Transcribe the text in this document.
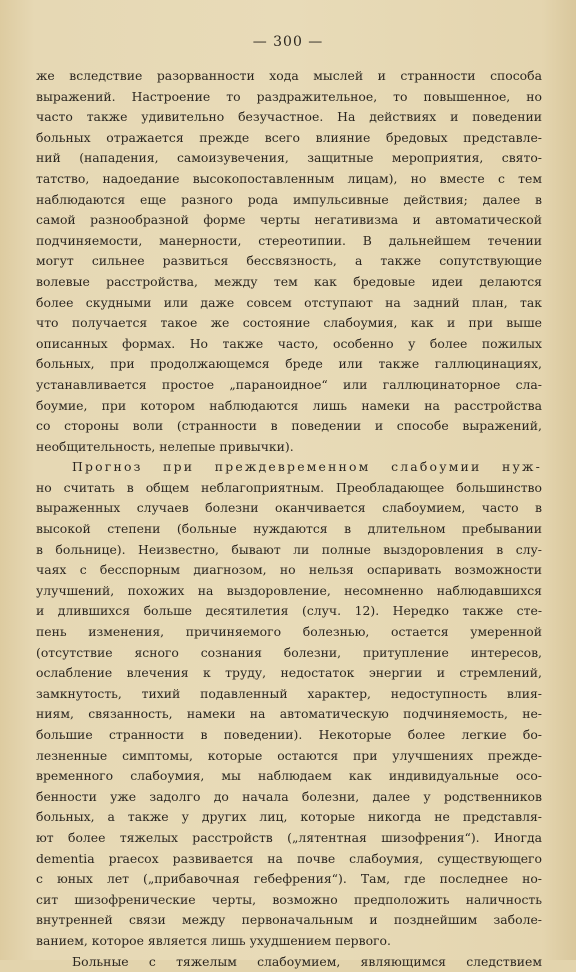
— 300 —
же вследствие разорванности хода мыслей и странности способа
выражений. Настроение то раздражительное, то повышенное, но
часто также удивительно безучастное. На действиях и поведении
больных отражается прежде всего влияние бредовых представле-
ний (нападения, самоизувечения, защитные мероприятия, свято-
татство, надоедание высокопоставленным лицам), но вместе с тем
наблюдаются еще разного рода импульсивные действия; далее в
самой разнообразной форме черты негативизма и автоматической
подчиняемости, манерности, стереотипии. В дальнейшем течении
могут сильнее развиться бессвязность, а также сопутствующие
волевые расстройства, между тем как бредовые идеи делаются
более скудными или даже совсем отступают на задний план, так
что получается такое же состояние слабоумия, как и при выше
описанных формах. Но также часто, особенно у более пожилых
больных, при продолжающемся бреде или также галлюцинациях,
устанавливается простое „параноидное“ или галлюцинаторное сла-
боумие, при котором наблюдаются лишь намеки на расстройства
со стороны воли (странности в поведении и способе выражений,
необщительность, нелепые привычки).
Прогноз при преждевременном слабоумии нуж-
но считать в общем неблагоприятным. Преобладающее большинство
выраженных случаев болезни оканчивается слабоумием, часто в
высокой степени (больные нуждаются в длительном пребывании
в больнице). Неизвестно, бывают ли полные выздоровления в слу-
чаях с бесспорным диагнозом, но нельзя оспаривать возможности
улучшений, похожих на выздоровление, несомненно наблюдавшихся
и длившихся больше десятилетия (случ. 12). Нередко также сте-
пень изменения, причиняемого болезнью, остается умеренной
(отсутствие ясного сознания болезни, притупление интересов,
ослабление влечения к труду, недостаток энергии и стремлений,
замкнутость, тихий подавленный характер, недоступность влия-
ниям, связанность, намеки на автоматическую подчиняемость, не-
большие странности в поведении). Некоторые более легкие бо-
лезненные симптомы, которые остаются при улучшениях прежде-
временного слабоумия, мы наблюдаем как индивидуальные осо-
бенности уже задолго до начала болезни, далее у родственников
больных, а также у других лиц, которые никогда не представля-
ют более тяжелых расстройств („лятентная шизофрения“). Иногда
dementia praecox развивается на почве слабоумия, существующего
с юных лет („прибавочная гебефрения“). Там, где последнее но-
сит шизофренические черты, возможно предположить наличность
внутренней связи между первоначальным и позднейшим заболе-
ванием, которое является лишь ухудшением первого.
Больные с тяжелым слабоумием, являющимся следствием
